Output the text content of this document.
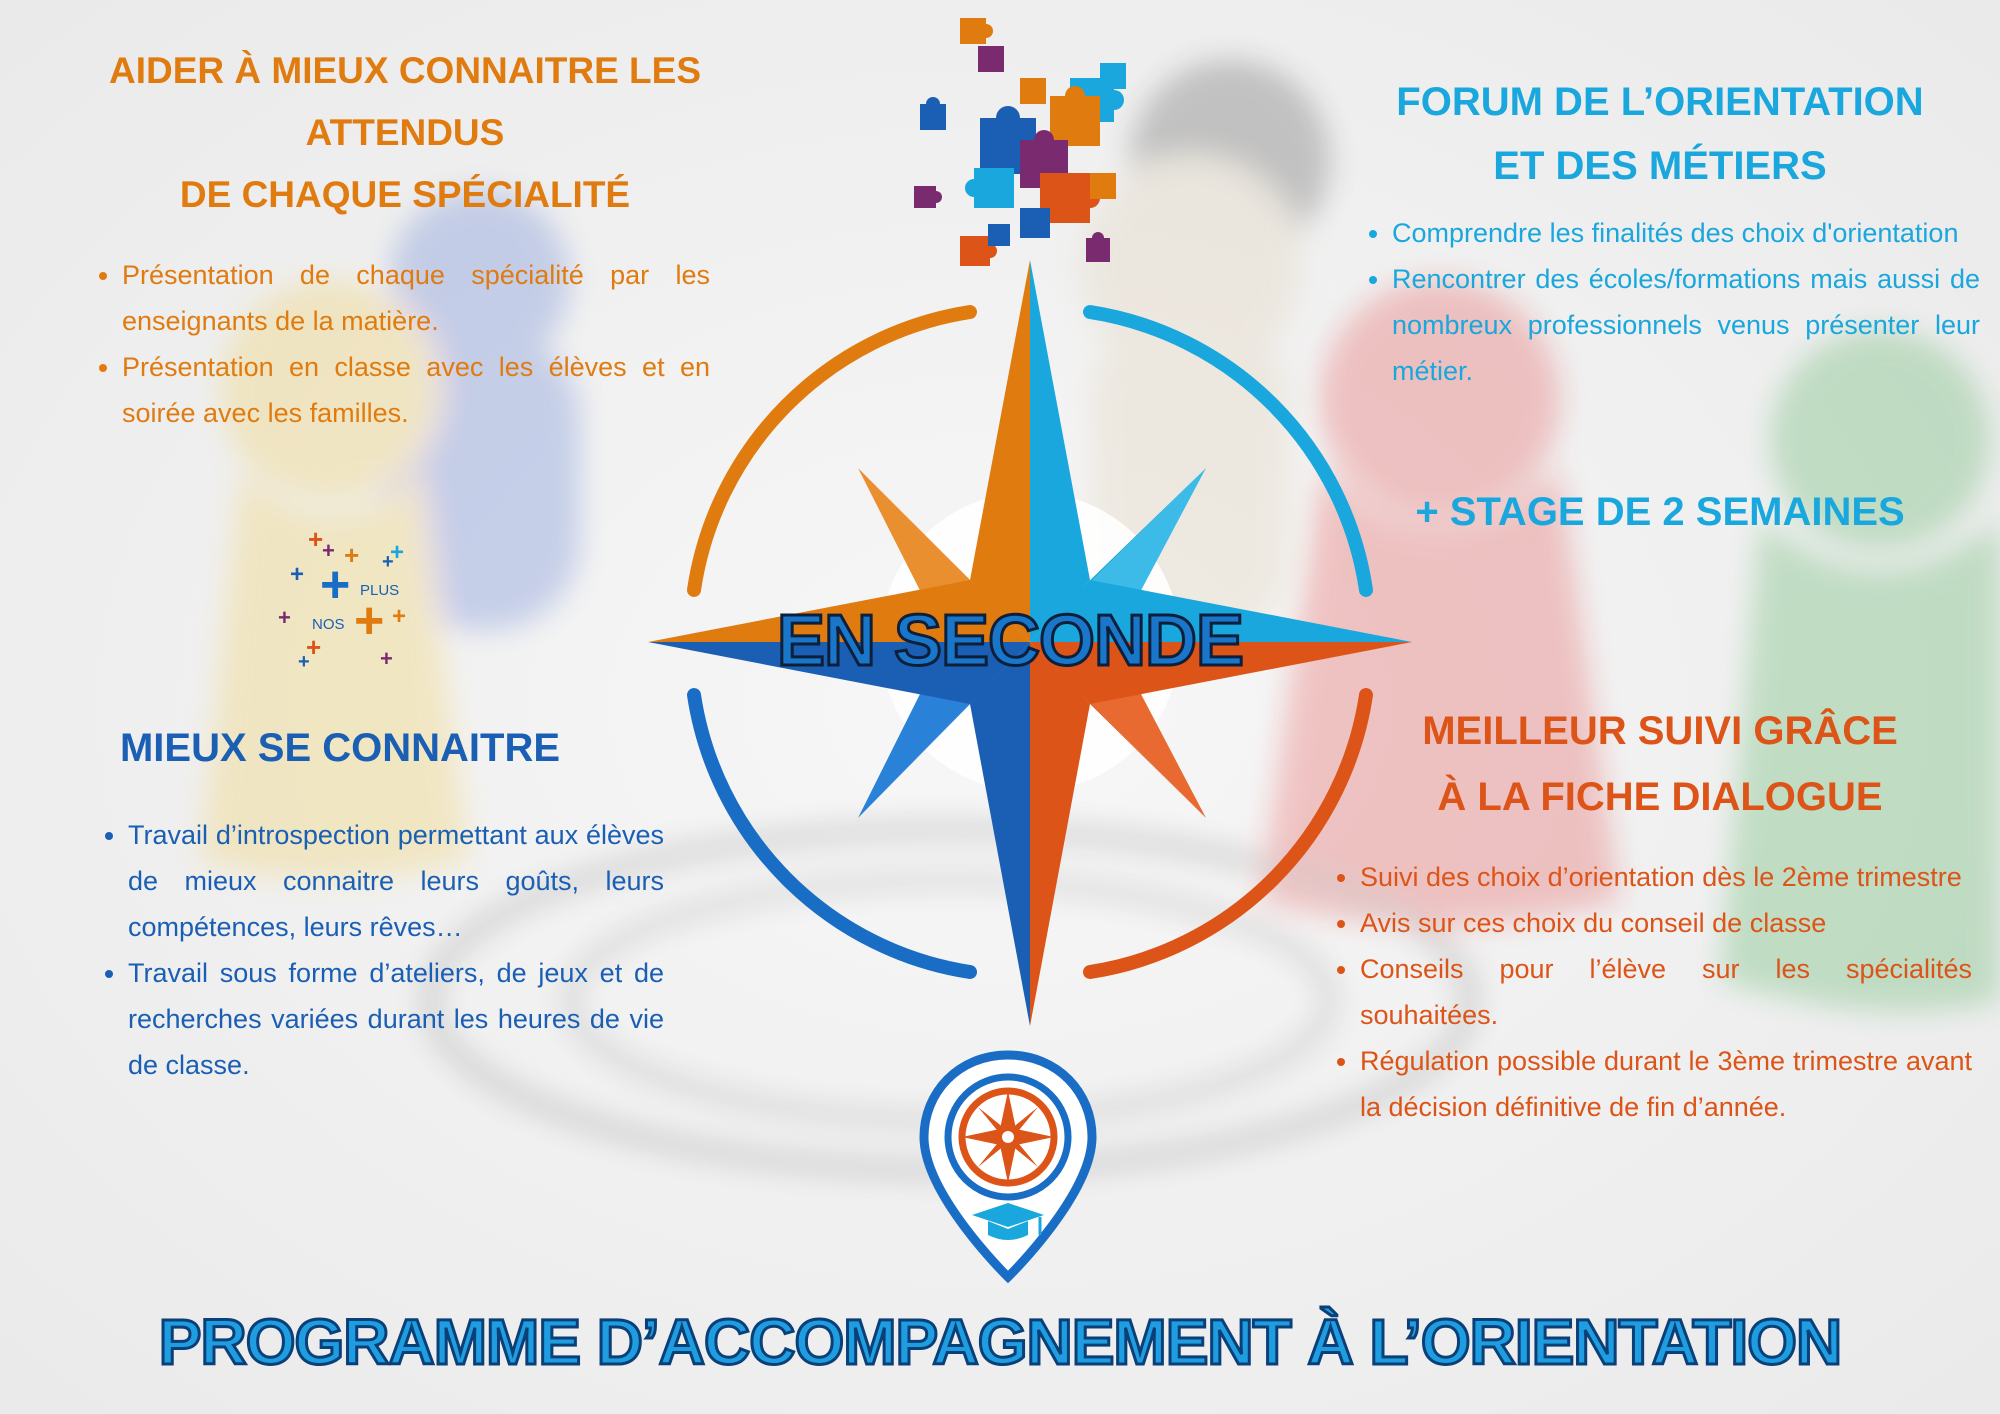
+
+ + +
+
+ +
+ + +
+
+	+
PLUS
NOS
AIDER À MIEUX CONNAITRE LES
ATTENDUS
DE CHAQUE SPÉCIALITÉ
• Présentation de chaque spécialité par les enseignants de la matière.
• Présentation en classe avec les élèves et en soirée avec les familles.
FORUM DE L’ORIENTATION
ET DES MÉTIERS
• Comprendre les finalités des choix d'orientation
• Rencontrer des écoles/formations mais aussi de nombreux professionnels venus présenter leur métier.
+ STAGE DE 2 SEMAINES
EN SECONDE
MIEUX SE CONNAITRE
• Travail d’introspection permettant aux élèves de mieux connaitre leurs goûts, leurs compétences, leurs rêves…
• Travail sous forme d’ateliers, de jeux et de recherches variées durant les heures de vie de classe.
MEILLEUR SUIVI GRÂCE
À LA FICHE DIALOGUE
• Suivi des choix d’orientation dès le 2ème trimestre
• Avis sur ces choix du conseil de classe
• Conseils pour l’élève sur les spécialités souhaitées.
• Régulation possible durant le 3ème trimestre avant la décision définitive de fin d’année.
PROGRAMME D’ACCOMPAGNEMENT À L’ORIENTATION
